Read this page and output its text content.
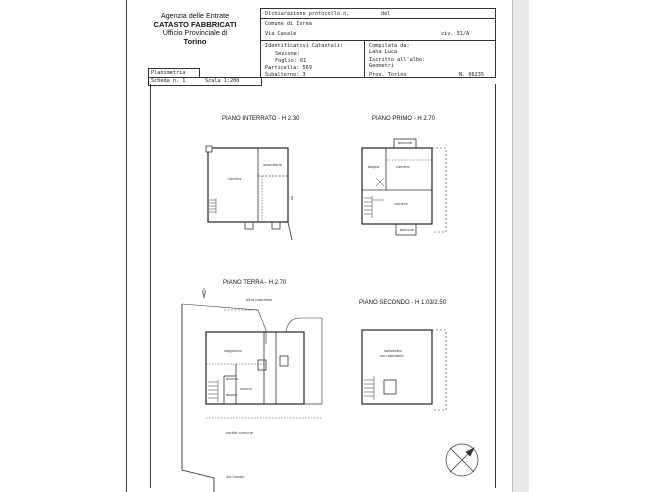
Agenzia delle Entrate
CATASTO FABBRICATI
Ufficio Provinciale di
Torino
Dichiarazione protocollo n.	del
Comune di Ivrea
Via Casale	civ. 31/A
Identificativi Catastali:
Sezione:
Foglio: 61
Particella: 569
Subalterno: 3
Compilata da:
Lana Luca
Iscritto all'albo:
Geometri
Prov. Torino	N. 06235
Planimetria
Scheda n. 1	Scala 1:200
PIANO INTERRATO - H 2.30	PIANO PRIMO - H 2.70
PIANO TERRA - H 2.70
PIANO SECONDO - H 1.03/2.50
cantina
lavanderia	bagno	camera
camera
balcone
balcone
soggiorno
cucina
disimp.
bagno
cortile comune
via Casale
altra proprieta
sottotetto
non abitabile
